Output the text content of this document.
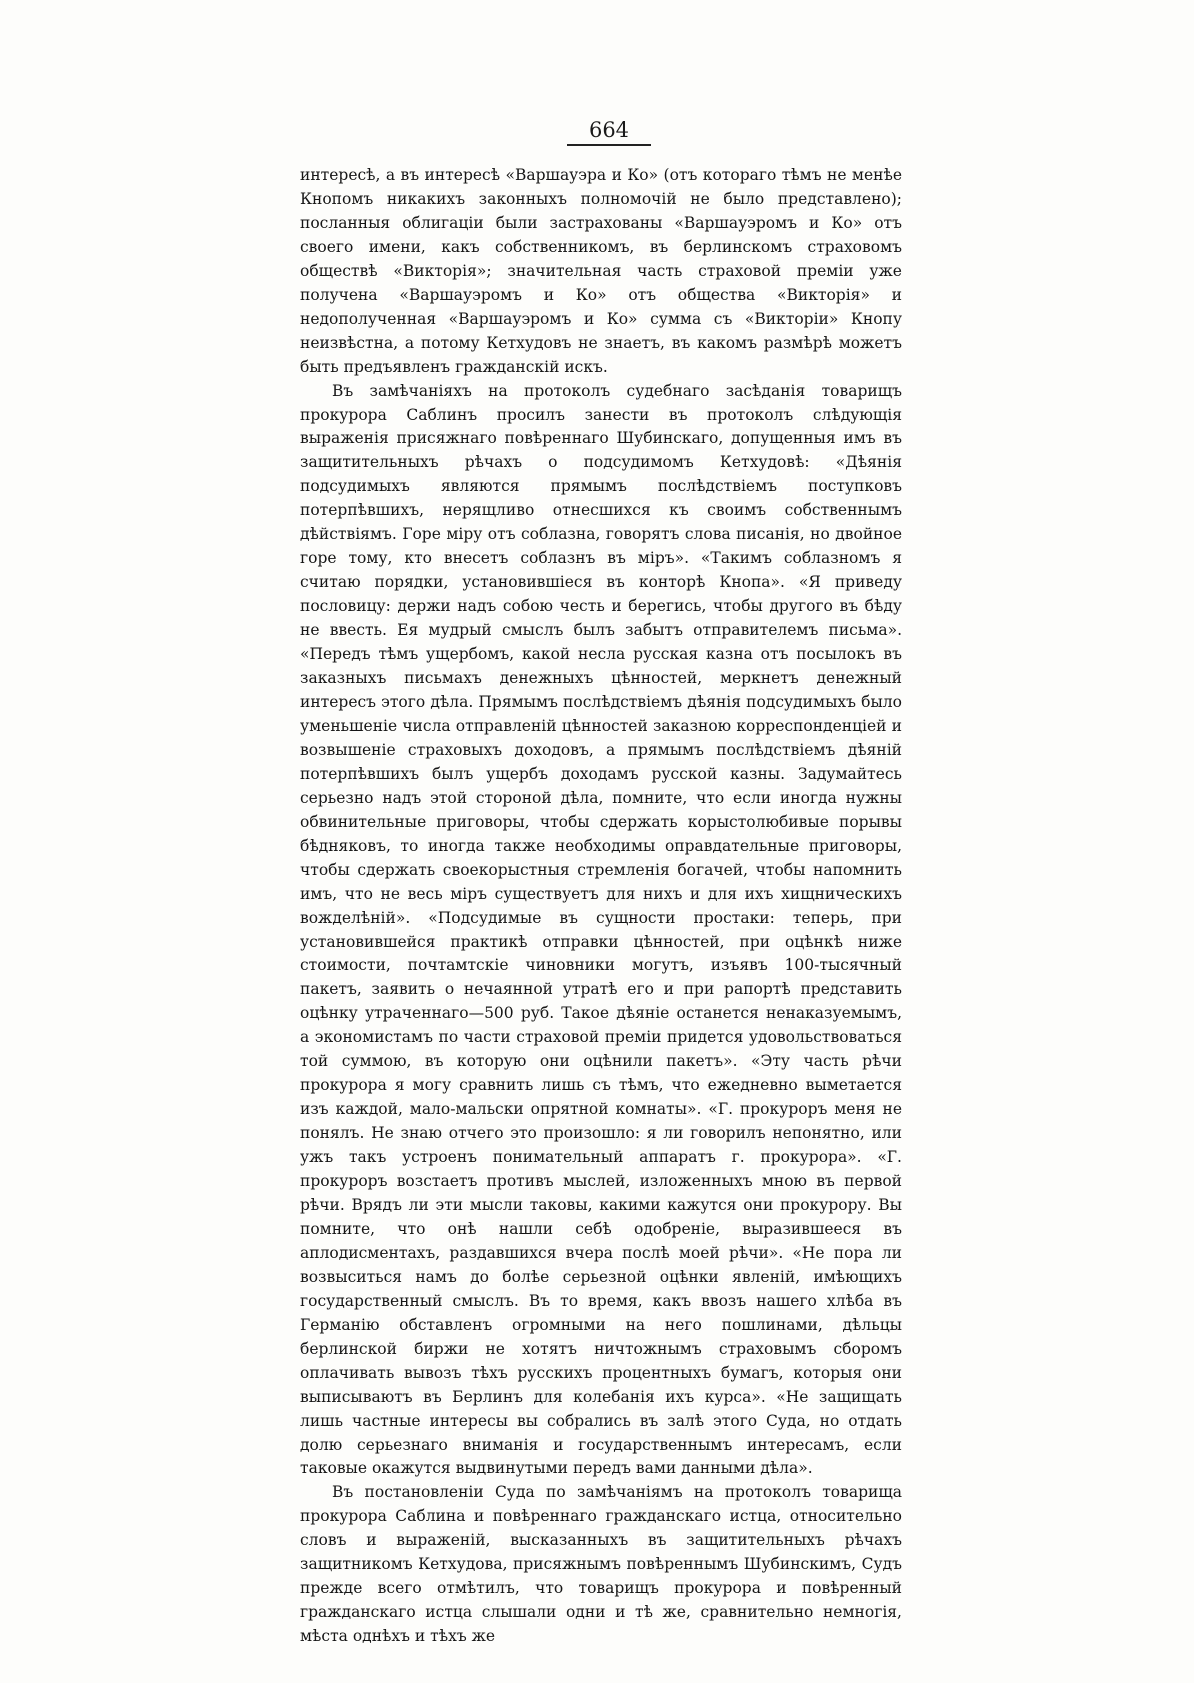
664

интересѣ, а въ интересѣ «Варшауэра и Ко» (отъ котораго тѣмъ не менѣе Кнопомъ никакихъ законныхъ полномочій не было представлено); посланныя облигаціи были застрахованы «Варшауэромъ и Ко» отъ своего имени, какъ собственникомъ, въ берлинскомъ страховомъ обществѣ «Викторія»; значительная часть страховой преміи уже получена «Варшауэромъ и Ко» отъ общества «Викторія» и недополученная «Варшауэромъ и Ко» сумма съ «Викторіи» Кнопу неизвѣстна, а потому Кетхудовъ не знаетъ, въ какомъ размѣрѣ можетъ быть предъявленъ гражданскій искъ.

Въ замѣчаніяхъ на протоколъ судебнаго засѣданія товарищъ прокурора Саблинъ просилъ занести въ протоколъ слѣдующія выраженія присяжнаго повѣреннаго Шубинскаго, допущенныя имъ въ защитительныхъ рѣчахъ о подсудимомъ Кетхудовѣ: «Дѣянія подсудимыхъ являются прямымъ послѣдствіемъ поступковъ потерпѣвшихъ, нерящливо отнесшихся къ своимъ собственнымъ дѣйствіямъ. Горе міру отъ соблазна, говорятъ слова писанія, но двойное горе тому, кто внесетъ соблазнъ въ міръ». «Такимъ соблазномъ я считаю порядки, установившіеся въ конторѣ Кнопа». «Я приведу пословицу: держи надъ собою честь и берегись, чтобы другого въ бѣду не ввесть. Ея мудрый смыслъ былъ забытъ отправителемъ письма». «Передъ тѣмъ ущербомъ, какой несла русская казна отъ посылокъ въ заказныхъ письмахъ денежныхъ цѣнностей, меркнетъ денежный интересъ этого дѣла. Прямымъ послѣдствіемъ дѣянія подсудимыхъ было уменьшеніе числа отправленій цѣнностей заказною корреспонденціей и возвышеніе страховыхъ доходовъ, а прямымъ послѣдствіемъ дѣяній потерпѣвшихъ былъ ущербъ доходамъ русской казны. Задумайтесь серьезно надъ этой стороной дѣла, помните, что если иногда нужны обвинительные приговоры, чтобы сдержать корыстолюбивые порывы бѣдняковъ, то иногда также необходимы оправдательные приговоры, чтобы сдержать своекорыстныя стремленія богачей, чтобы напомнить имъ, что не весь міръ существуетъ для нихъ и для ихъ хищническихъ вожделѣній». «Подсудимые въ сущности простаки: теперь, при установившейся практикѣ отправки цѣнностей, при оцѣнкѣ ниже стоимости, почтамтскіе чиновники могутъ, изъявъ 100-тысячный пакетъ, заявить о нечаянной утратѣ его и при рапортѣ представить оцѣнку утраченнаго—500 руб. Такое дѣяніе останется ненаказуемымъ, а экономистамъ по части страховой преміи придется удовольствоваться той суммою, въ которую они оцѣнили пакетъ». «Эту часть рѣчи прокурора я могу сравнить лишь съ тѣмъ, что ежедневно выметается изъ каждой, мало-мальски опрятной комнаты». «Г. прокуроръ меня не понялъ. Не знаю отчего это произошло: я ли говорилъ непонятно, или ужъ такъ устроенъ понимательный аппаратъ г. прокурора». «Г. прокуроръ возстаетъ противъ мыслей, изложенныхъ мною въ первой рѣчи. Врядъ ли эти мысли таковы, какими кажутся они прокурору. Вы помните, что онѣ нашли себѣ одобреніе, выразившееся въ аплодисментахъ, раздавшихся вчера послѣ моей рѣчи». «Не пора ли возвыситься намъ до болѣе серьезной оцѣнки явленій, имѣющихъ государственный смыслъ. Въ то время, какъ ввозъ нашего хлѣба въ Германію обставленъ огромными на него пошлинами, дѣльцы берлинской биржи не хотятъ ничтожнымъ страховымъ сборомъ оплачивать вывозъ тѣхъ русскихъ процентныхъ бумагъ, которыя они выписываютъ въ Берлинъ для колебанія ихъ курса». «Не защищать лишь частные интересы вы собрались въ залѣ этого Суда, но отдать долю серьезнаго вниманія и государственнымъ интересамъ, если таковые окажутся выдвинутыми передъ вами данными дѣла».

Въ постановленіи Суда по замѣчаніямъ на протоколъ товарища прокурора Саблина и повѣреннаго гражданскаго истца, относительно словъ и выраженій, высказанныхъ въ защитительныхъ рѣчахъ защитникомъ Кетхудова, присяжнымъ повѣреннымъ Шубинскимъ, Судъ прежде всего отмѣтилъ, что товарищъ прокурора и повѣренный гражданскаго истца слышали одни и тѣ же, сравнительно немногія, мѣста однѣхъ и тѣхъ же
